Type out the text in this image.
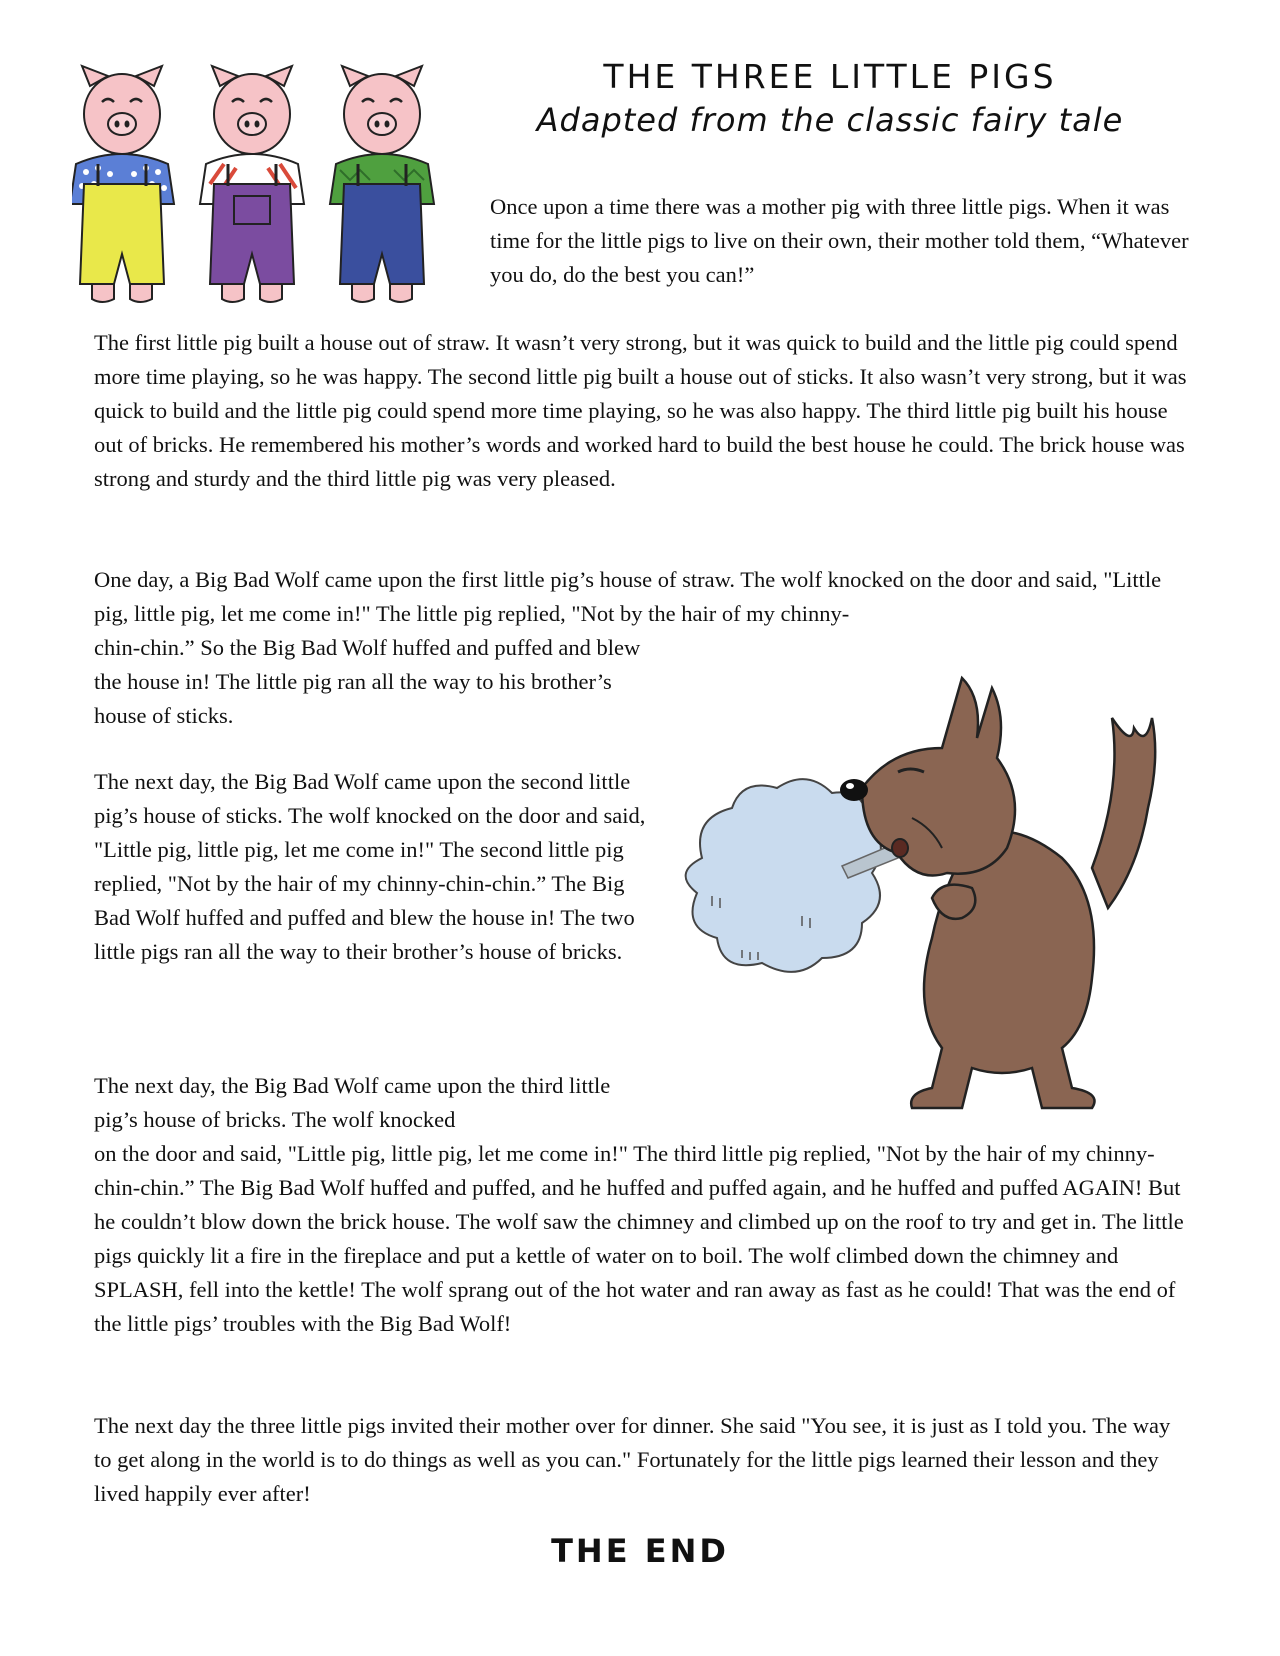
THE THREE LITTLE PIGS
Adapted from the classic fairy tale

Once upon a time there was a mother pig with three little pigs. When it was time for the little pigs to live on their own, their mother told them, “Whatever you do, do the best you can!”

The first little pig built a house out of straw. It wasn’t very strong, but it was quick to build and the little pig could spend more time playing, so he was happy. The second little pig built a house out of sticks. It also wasn’t very strong, but it was quick to build and the little pig could spend more time playing, so he was also happy. The third little pig built his house out of bricks. He remembered his mother’s words and worked hard to build the best house he could. The brick house was strong and sturdy and the third little pig was very pleased.

One day, a Big Bad Wolf came upon the first little pig’s house of straw. The wolf knocked on the door and said, "Little pig, little pig, let me come in!" The little pig replied, "Not by the hair of my chinny-

chin-chin.” So the Big Bad Wolf huffed and puffed and blew the house in! The little pig ran all the way to his brother’s house of sticks.

The next day, the Big Bad Wolf came upon the second little pig’s house of sticks. The wolf knocked on the door and said, "Little pig, little pig, let me come in!" The second little pig replied, "Not by the hair of my chinny-chin-chin.” The Big Bad Wolf huffed and puffed and blew the house in! The two little pigs ran all the way to their brother’s house of bricks.

The next day, the Big Bad Wolf came upon the third little pig’s house of bricks. The wolf knocked

on the door and said, "Little pig, little pig, let me come in!" The third little pig replied, "Not by the hair of my chinny-chin-chin.” The Big Bad Wolf huffed and puffed, and he huffed and puffed again, and he huffed and puffed AGAIN! But he couldn’t blow down the brick house. The wolf saw the chimney and climbed up on the roof to try and get in. The little pigs quickly lit a fire in the fireplace and put a kettle of water on to boil. The wolf climbed down the chimney and SPLASH, fell into the kettle! The wolf sprang out of the hot water and ran away as fast as he could! That was the end of the little pigs’ troubles with the Big Bad Wolf!

The next day the three little pigs invited their mother over for dinner. She said "You see, it is just as I told you. The way to get along in the world is to do things as well as you can." Fortunately for the little pigs learned their lesson and they lived happily ever after!

THE END
